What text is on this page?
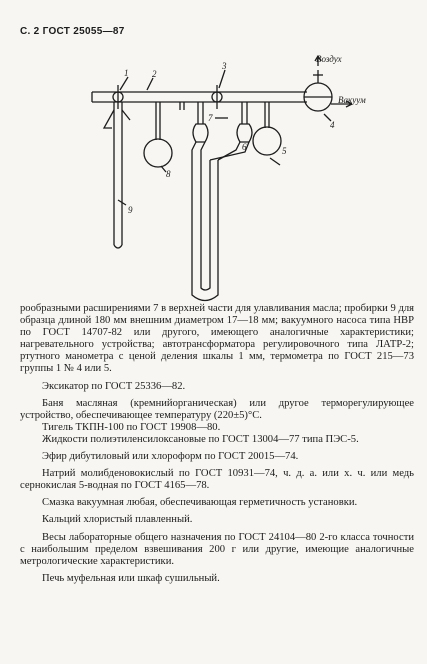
С. 2 ГОСТ 25055—87
1	2
3
Воздух
Вакуум
4
7
6	5
8
9

рообразными расширениями 7 в верхней части для улавливания масла; пробирки 9 для образца длиной 180 мм внешним диаметром 17—18 мм; вакуумного насоса типа НВР по ГОСТ 14707-82 или другого, имеющего аналогичные характеристики; нагревательного устройства; автотрансформатора регулировочного типа ЛАТР-2; ртутного манометра с ценой деления шкалы 1 мм, термометра по ГОСТ 215—73 группы 1 № 4 или 5.

Эксикатор по ГОСТ 25336—82.

Баня масляная (кремнийорганическая) или другое терморегулирующее устройство, обеспечивающее температуру (220±5)°С.

Тигель ТКПН-100 по ГОСТ 19908—80.

Жидкости полиэтиленсилоксановые по ГОСТ 13004—77 типа ПЭС-5.

Эфир дибутиловый или хлороформ по ГОСТ 20015—74.

Натрий молибденовокислый по ГОСТ 10931—74, ч. д. а. или х. ч. или медь сернокислая 5-водная по ГОСТ 4165—78.

Смазка вакуумная любая, обеспечивающая герметичность установки.

Кальций хлористый плавленный.

Весы лабораторные общего назначения по ГОСТ 24104—80 2-го класса точности с наибольшим пределом взвешивания 200 г или другие, имеющие аналогичные метрологические характеристики.

Печь муфельная или шкаф сушильный.
